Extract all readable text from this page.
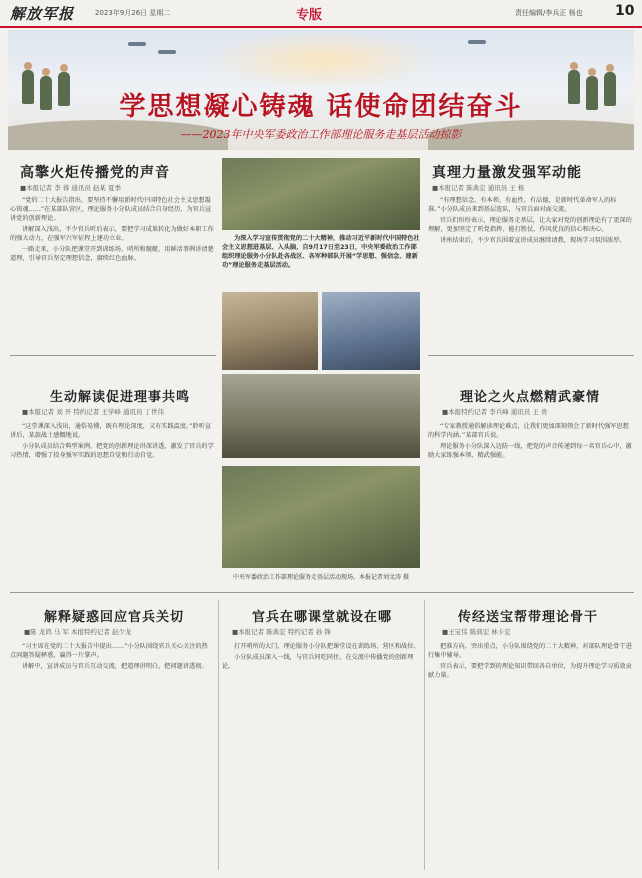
解放军报	2023年9月26日 星期二	专版	责任编辑/李兵正 杨也 10
学思想凝心铸魂 话使命团结奋斗
——2023年中央军委政治工作部理论服务走基层活动掠影

为深入学习宣传贯彻党的二十大精神，推动习近平新时代中国特色社会主义思想进基层、入头脑，自9月17日至23日，中央军委政治工作部组织理论服务小分队赴各战区、各军种部队开展“学思想、强信念、建新功”理论服务走基层活动。

高擎火炬传播党的声音
■本报记者 李 蓉 通讯员 赵某 夏季

“党的二十大报告指出，要坚持不懈用新时代中国特色社会主义思想凝心铸魂……”在某部队营区，理论服务小分队成员结合自身经历，为官兵宣讲党的创新理论。

讲解深入浅出，不少官兵听后表示，要把学习成果转化为做好本职工作的强大动力，在强军兴军征程上建功立业。

一路走来，小分队把课堂开到训练场、哨所和舰艇，用鲜活事例讲清楚道理，引导官兵坚定理想信念，赓续红色血脉。

真理力量激发强军动能
■本报记者 陈典宏 通讯员 王 栋

“有理想信念、有本领、有血性、有品德，是新时代革命军人的标准。”小分队成员来到基层连队，与官兵面对面交流。

官兵们纷纷表示，理论服务走基层，让大家对党的创新理论有了更深的理解，更加坚定了听党指挥、能打胜仗、作风优良的信心和决心。

讲座结束后，不少官兵围着宣讲成员继续请教，现场学习氛围浓厚。

生动解读促进理事共鸣
■本报记者 刘 开 特约记者 王学峰 通讯员 丁世伟

“这堂课深入浅出，通俗易懂，既有理论深度，又有实践温度。”聆听宣讲后，某旅战士感慨地说。

小分队成员结合典型案例，把党的创新理论讲深讲透，激发了官兵的学习热情，增强了投身强军实践的思想自觉和行动自觉。

中央军委政治工作部理论服务走基层活动现场。本报记者刘文涛 摄
理论之火点燃精武豪情
■本报特约记者 李兵峰 通讯员 王 贵

“专家教授通俗解读理论难点，让我们更加深刻领会了新时代强军思想的科学内涵。”某部官兵说。

理论服务小分队深入边防一线，把党的声音传递到每一名官兵心中，激励大家练强本领、精武强能。

解释疑惑回应官兵关切
■陈 龙鸿 马 军 本报特约记者 赵少龙

“习主席在党的二十大报告中提出……”小分队围绕官兵关心关注的热点问题答疑释惑，赢得一片掌声。

讲解中，宣讲成员与官兵互动交流，把道理讲明白，把问题讲透彻。

官兵在哪课堂就设在哪
■本报记者 陈典宏 特约记者 孙 锋

打开哨所的大门，理论服务小分队把课堂设在训练场、营区和战位。

小分队成员深入一线，与官兵同吃同住，在交流中传播党的创新理论。

传经送宝帮带理论骨干
■王宝伟 陈典宏 林卡宏

把准方向，突出重点，小分队围绕党的二十大精神，对部队理论骨干进行集中辅导。

官兵表示，要把学到的理论知识带回各自单位，为提升理论学习质效贡献力量。
